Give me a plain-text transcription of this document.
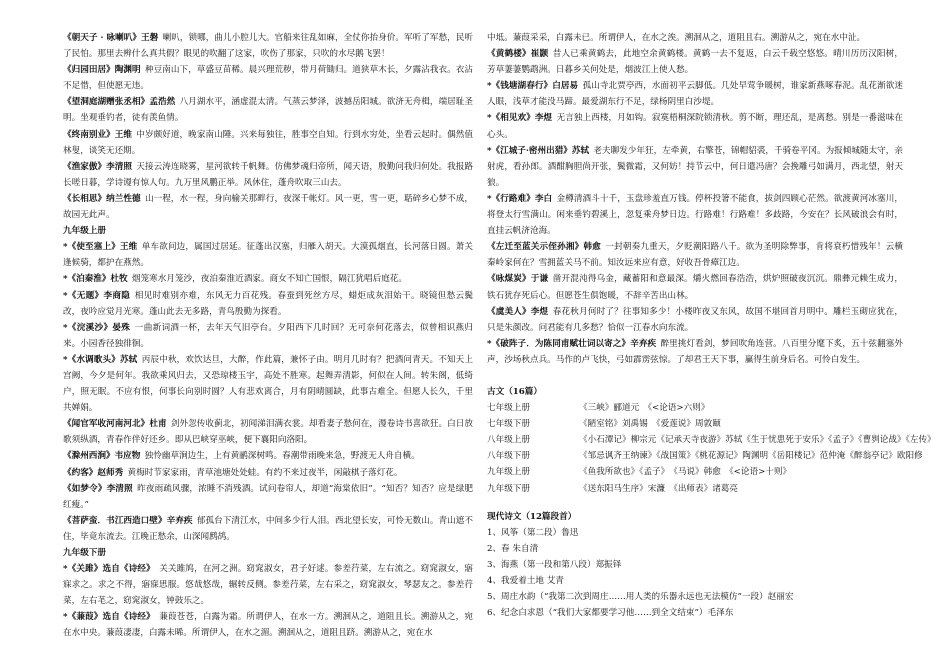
《朝天子 · 咏喇叭》王磐  喇叭，锁哪，曲儿小腔儿大。官船来往乱如麻，全仗你抬身价。军听了军愁，民听了民怕。那里去辨什么真共假？眼见的吹翻了这家，吹伤了那家，只吹的水尽鹅飞罢！

《归园田居》陶渊明  种豆南山下，草盛豆苗稀。晨兴理荒秽，带月荷锄归。道狭草木长，夕露沾我衣。衣沾不足惜，但使愿无违。

《望洞庭湖赠张丞相》孟浩然  八月湖水平，涵虚混太清。气蒸云梦泽，波撼岳阳城。欲济无舟楫，端居耻圣明。坐观垂钓者，徒有羡鱼情。

《终南别业》王维  中岁颇好道，晚家南山陲。兴来每独往，胜事空自知。行到水穷处，坐看云起时。偶然值林叟，谈笑无还期。

《渔家傲》李清照  天接云涛连晓雾，星河欲转千帆舞。仿佛梦魂归帝所，闻天语，殷勤问我归何处。我报路长嗟日暮，学诗谩有惊人句。九万里风鹏正举。风休住，蓬舟吹取三山去。

《长相思》纳兰性德  山一程，水一程，身向榆关那畔行，夜深千帐灯。风一更，雪一更，聒碎乡心梦不成，故园无此声。

九年级上册

*《使至塞上》王维  单车欲问边，属国过居延。征蓬出汉塞，归雁入胡天。大漠孤烟直，长河落日圆。萧关逢候骑，都护在燕然。

*《泊秦淮》杜牧  烟笼寒水月笼沙，夜泊秦淮近酒家。商女不知亡国恨，隔江犹唱后庭花。

*《无题》李商隐  相见时难别亦难，东风无力百花残。春蚕到死丝方尽，蜡炬成灰泪始干。晓镜但愁云鬓改，夜吟应觉月光寒。蓬山此去无多路，青鸟殷勤为探看。

*《浣溪沙》晏殊  一曲新词酒一杯，去年天气旧亭台。夕阳西下几时回？无可奈何花落去，似曾相识燕归来。小园香径独徘徊。

*《水调歌头》苏轼  丙辰中秋，欢饮达旦，大醉，作此篇，兼怀子由。明月几时有？把酒问青天。不知天上宫阙，今夕是何年。我欲乘风归去，又恐琼楼玉宇，高处不胜寒。起舞弄清影，何似在人间。转朱阁，低绮户，照无眠。不应有恨，何事长向别时圆？人有悲欢离合，月有阴晴圆缺，此事古难全。但愿人长久，千里共婵娟。

《闻官军收河南河北》杜甫  剑外忽传收蓟北，初闻涕泪满衣裳。却看妻子愁何在，漫卷诗书喜欲狂。白日放歌须纵酒，青春作伴好还乡。即从巴峡穿巫峡，便下襄阳向洛阳。

《滁州西涧》韦应物  独怜幽草涧边生，上有黄鹂深树鸣。春潮带雨晚来急，野渡无人舟自横。

《约客》赵师秀  黄梅时节家家雨，青草池塘处处蛙。有约不来过夜半，闲敲棋子落灯花。

《如梦令》李清照  昨夜雨疏风骤，浓睡不消残酒。试问卷帘人，却道“海棠依旧”。“知否？知否？应是绿肥红瘦。”

《菩萨蛮．书江西造口壁》辛弃疾  郁孤台下清江水，中间多少行人泪。西北望长安，可怜无数山。青山遮不住，毕竟东流去。江晚正愁余，山深闻鹧鸪。

九年级下册

*《关雎》选自《诗经》  关关雎鸠，在河之洲。窈窕淑女，君子好逑。参差荇菜，左右流之。窈窕淑女，寤寐求之。求之不得，寤寐思服。悠哉悠哉，辗转反侧。参差荇菜，左右采之，窈窕淑女，琴瑟友之。参差荇菜，左右芼之，窈窕淑女，钟鼓乐之。

*《蒹葭》选自《诗经》  蒹葭苍苍，白露为霜。所谓伊人，在水一方。溯洄从之，道阻且长。溯游从之，宛在水中央。蒹葭凄凄，白露未晞。所谓伊人，在水之湄。溯洄从之，道阻且跻。溯游从之，宛在水

中坻。蒹葭采采，白露未已。所谓伊人，在水之涘。溯洄从之，道阻且右。溯游从之，宛在水中沚。

《黄鹤楼》崔颢  昔人已乘黄鹤去，此地空余黄鹤楼。黄鹤一去不复返，白云千载空悠悠。晴川历历汉阳树，芳草萋萋鹦鹉洲。日暮乡关何处是，烟波江上使人愁。

*《钱塘湖春行》白居易  孤山寺北贾亭西，水面初平云脚低。几处早莺争暖树，谁家新燕啄春泥。乱花渐欲迷人眼，浅草才能没马蹄。最爱湖东行不足，绿杨阴里白沙堤。

*《相见欢》李煜  无言独上西楼，月如钩。寂寞梧桐深院锁清秋。剪不断，理还乱，是离愁。别是一番滋味在心头。

*《江城子·密州出猎》苏轼  老夫聊发少年狂，左牵黄，右擎苍，锦帽貂裘，千骑卷平冈。为报倾城随太守，亲射虎，看孙郎。酒酣胸胆尚开张，鬓微霜，又何妨！持节云中，何日遣冯唐？会挽雕弓如满月，西北望，射天狼。

*《行路难》李白  金樽清酒斗十千，玉盘珍羞直万钱。停杯投箸不能食，拔剑四顾心茫然。欲渡黄河冰塞川，将登太行雪满山。闲来垂钓碧溪上，忽复乘舟梦日边。行路难！行路难！多歧路，今安在？长风破浪会有时，直挂云帆济沧海。

《左迁至蓝关示侄孙湘》韩愈  一封朝奏九重天，夕贬潮阳路八千。欲为圣明除弊事，肯将衰朽惜残年！云横秦岭家何在？雪拥蓝关马不前。知汝远来应有意，好收吾骨瘴江边。

《咏煤炭》于谦  凿开混沌得乌金，藏蓄阳和意最深。爝火燃回春浩浩，烘炉照破夜沉沉。鼎彝元赖生成力，铁石犹存死后心。但愿苍生俱饱暖，不辞辛苦出山林。

《虞美人》李煜  春花秋月何时了？往事知多少！小楼昨夜又东风，故国不堪回首月明中。雕栏玉砌应犹在，只是朱颜改。问君能有几多愁？恰似一江春水向东流。

*《破阵子．为陈同甫赋壮词以寄之》辛弃疾  醉里挑灯看剑，梦回吹角连营。八百里分麾下炙，五十弦翻塞外声，沙场秋点兵。马作的卢飞快，弓如霹雳弦惊。了却君王天下事，赢得生前身后名。可怜白发生。

古文（16篇）

七年级上册	《三峡》郦道元　《<论语>六则》

七年级下册	《陋室铭》刘禹锡　《爱莲说》周敦颐

八年级上册	《小石潭记》柳宗元《记承天寺夜游》苏轼《生于忧患死于安乐》《孟子》《曹刿论战》《左传》

八年级下册	《邹忌讽齐王纳谏》《战国策》《桃花源记》陶渊明《岳阳楼记》范仲淹《醉翁亭记》欧阳修

九年级上册	《鱼我所欲也》《孟子》　《马说》韩愈　《<论语>十则》

九年级下册	《送东阳马生序》宋濂　《出师表》诸葛亮

现代诗文（12篇段首）

1、风筝（第二段）鲁迅

2、春 朱自清

3、海燕（第一段和第八段）郑振铎

4、我爱着土地 艾青

5、周庄水韵（“我第二次到周庄……用人类的乐器永远也无法模仿”一段）赵丽宏

6、纪念白求恩（“我们大家都要学习他……到全文结束”）毛泽东
